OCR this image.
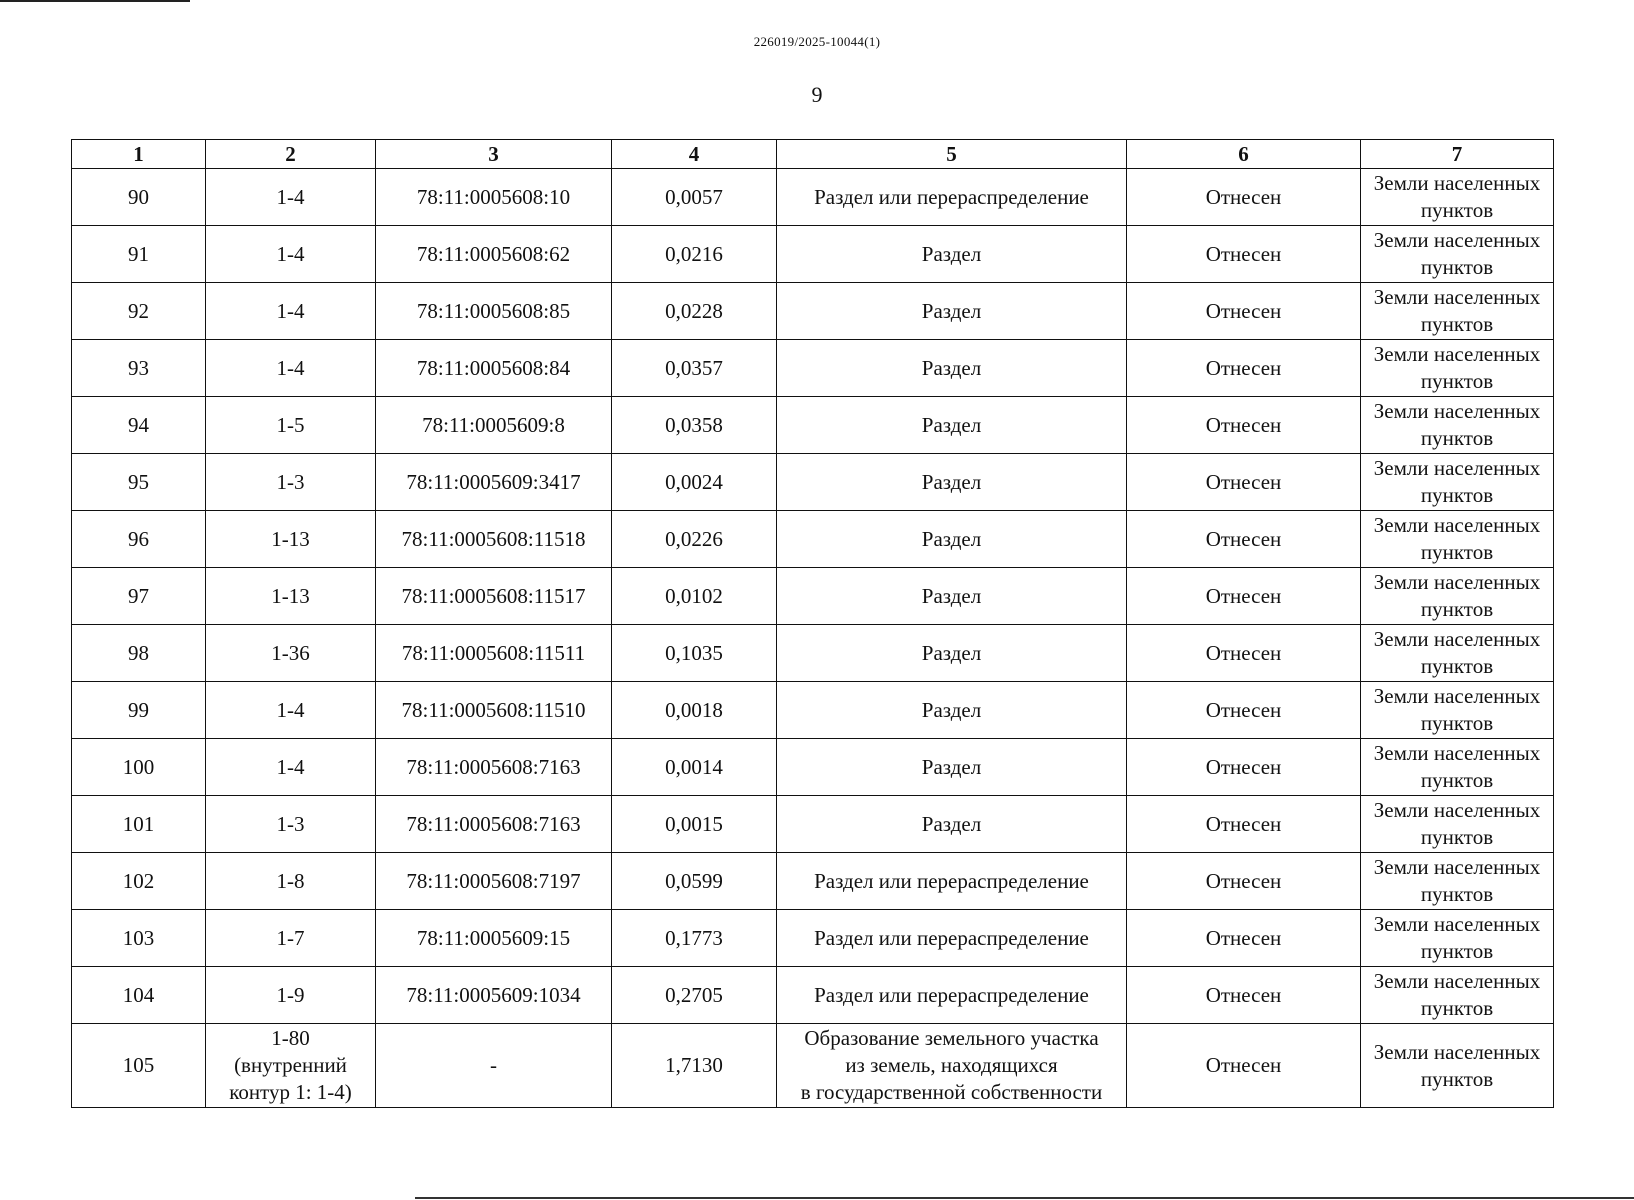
226019/2025-10044(1)
9
1	2	3	4	5	6	7
90	1-4	78:11:0005608:10	0,0057	Раздел или перераспределение	Отнесен	Земли населенных пунктов
91	1-4	78:11:0005608:62	0,0216	Раздел	Отнесен	Земли населенных пунктов
92	1-4	78:11:0005608:85	0,0228	Раздел	Отнесен	Земли населенных пунктов
93	1-4	78:11:0005608:84	0,0357	Раздел	Отнесен	Земли населенных пунктов
94	1-5	78:11:0005609:8	0,0358	Раздел	Отнесен	Земли населенных пунктов
95	1-3	78:11:0005609:3417	0,0024	Раздел	Отнесен	Земли населенных пунктов
96	1-13	78:11:0005608:11518	0,0226	Раздел	Отнесен	Земли населенных пунктов
97	1-13	78:11:0005608:11517	0,0102	Раздел	Отнесен	Земли населенных пунктов
98	1-36	78:11:0005608:11511	0,1035	Раздел	Отнесен	Земли населенных пунктов
99	1-4	78:11:0005608:11510	0,0018	Раздел	Отнесен	Земли населенных пунктов
100	1-4	78:11:0005608:7163	0,0014	Раздел	Отнесен	Земли населенных пунктов
101	1-3	78:11:0005608:7163	0,0015	Раздел	Отнесен	Земли населенных пунктов
102	1-8	78:11:0005608:7197	0,0599	Раздел или перераспределение	Отнесен	Земли населенных пунктов
103	1-7	78:11:0005609:15	0,1773	Раздел или перераспределение	Отнесен	Земли населенных пунктов
104	1-9	78:11:0005609:1034	0,2705	Раздел или перераспределение	Отнесен	Земли населенных пунктов
105	1-80
(внутренний
контур 1: 1-4)	-	1,7130	Образование земельного участка
из земель, находящихся
в государственной собственности	Отнесен	Земли населенных пунктов
